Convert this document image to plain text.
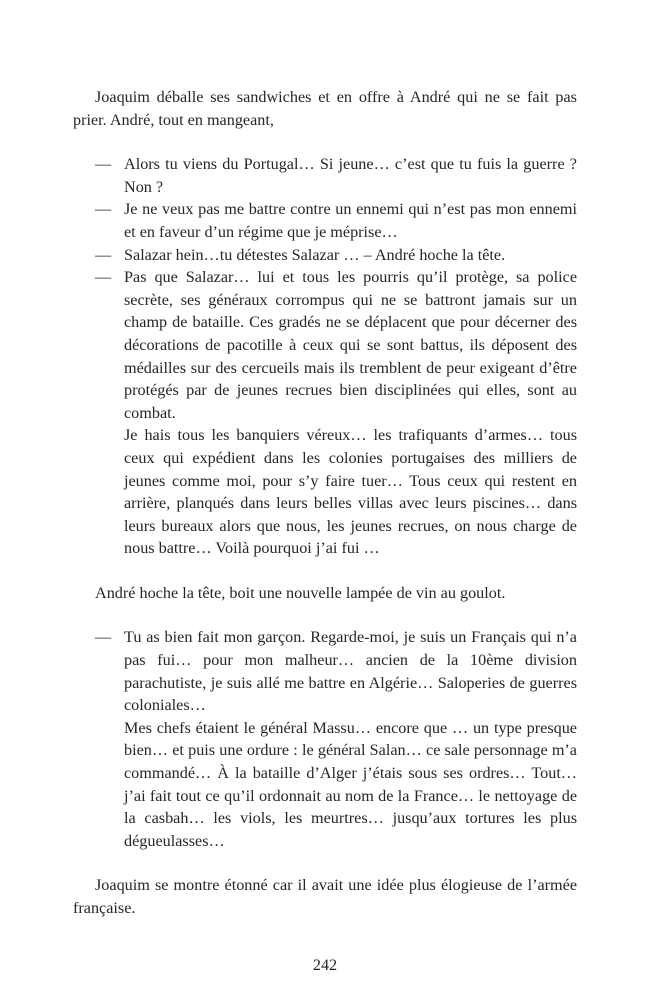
Joaquim déballe ses sandwiches et en offre à André qui ne se fait pas prier. André, tout en mangeant,

— Alors tu viens du Portugal… Si jeune… c’est que tu fuis la guerre ? Non ?
— Je ne veux pas me battre contre un ennemi qui n’est pas mon ennemi et en faveur d’un régime que je méprise…
— Salazar hein…tu détestes Salazar … – André hoche la tête.
— Pas que Salazar… lui et tous les pourris qu’il protège, sa police secrète, ses généraux corrompus qui ne se battront jamais sur un champ de bataille. Ces gradés ne se déplacent que pour décerner des décorations de pacotille à ceux qui se sont battus, ils déposent des médailles sur des cercueils mais ils tremblent de peur exigeant d’être protégés par de jeunes recrues bien disciplinées qui elles, sont au combat.

Je hais tous les banquiers véreux… les trafiquants d’armes… tous ceux qui expédient dans les colonies portugaises des milliers de jeunes comme moi, pour s’y faire tuer… Tous ceux qui restent en arrière, planqués dans leurs belles villas avec leurs piscines… dans leurs bureaux alors que nous, les jeunes recrues, on nous charge de nous battre… Voilà pourquoi j’ai fui …

André hoche la tête, boit une nouvelle lampée de vin au goulot.

— Tu as bien fait mon garçon. Regarde-moi, je suis un Français qui n’a pas fui… pour mon malheur… ancien de la 10ème division parachutiste, je suis allé me battre en Algérie… Saloperies de guerres coloniales…

Mes chefs étaient le général Massu… encore que … un type presque bien… et puis une ordure : le général Salan… ce sale personnage m’a commandé… À la bataille d’Alger j’étais sous ses ordres… Tout… j’ai fait tout ce qu’il ordonnait au nom de la France… le nettoyage de la casbah… les viols, les meurtres… jusqu’aux tortures les plus dégueulasses…

Joaquim se montre étonné car il avait une idée plus élogieuse de l’armée française.

242
